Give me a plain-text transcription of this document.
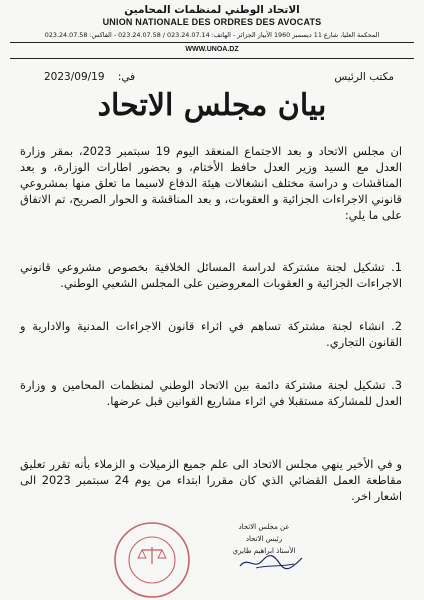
الاتحاد الوطني لمنظمات المحامين
UNION NATIONALE DES ORDRES DES AVOCATS
المحكمة العليا، شارع 11 ديسمبر 1960 الأبيار الجزائر - الهاتف: 023.24.07.14 / 023.24.07.58 - الفاكس: 023.24.07.58
WWW.UNOA.DZ
في: 2023/09/19	مكتب الرئيس
بيان مجلس الاتحاد
ان مجلس الاتحاد و بعد الاجتماع المنعقد اليوم 19 سبتمبر 2023، بمقر وزارة العدل مع السيد وزير العدل حافظ الأختام، و بحضور اطارات الوزارة، و بعد المناقشات و دراسة مختلف انشغالات هيئة الدفاع لاسيما ما تعلق منها بمشروعي قانوني الاجراءات الجزائية و العقوبات، و بعد المناقشة و الحوار الصريح، تم الاتفاق على ما يلي:
1. تشكيل لجنة مشتركة لدراسة المسائل الخلافية بخصوص مشروعي قانوني الاجراءات الجزائية و العقوبات المعروضين على المجلس الشعبي الوطني.
2. انشاء لجنة مشتركة تساهم في اثراء قانون الاجراءات المدنية والادارية و القانون التجاري.
3. تشكيل لجنة مشتركة دائمة بين الاتحاد الوطني لمنظمات المحامين و وزارة العدل للمشاركة مستقبلا في اثراء مشاريع القوانين قبل عرضها.
و في الأخير ينهي مجلس الاتحاد الى علم جميع الزميلات و الزملاء بأنه تقرر تعليق مقاطعة العمل القضائي الذي كان مقررا ابتداء من يوم 24 سبتمبر 2023 الى اشعار اخر.
عن مجلس الاتحاد
رئيس الاتحاد
الأستاذ ابراهيم طايري
